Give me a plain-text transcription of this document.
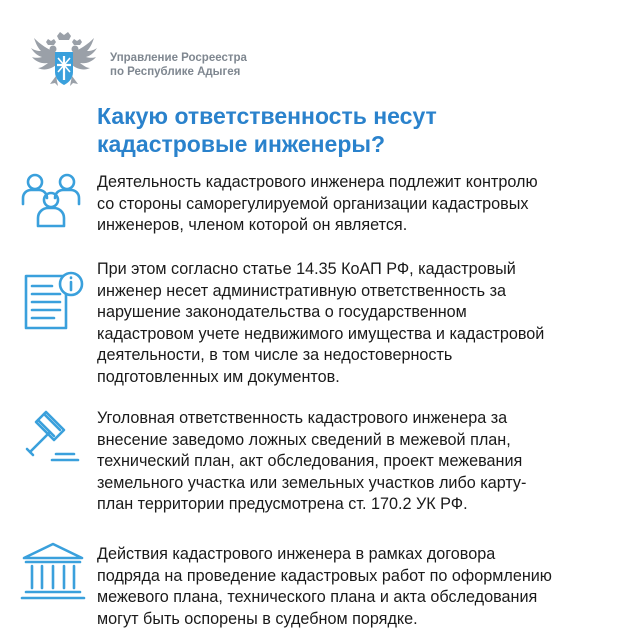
Управление Росреестра
по Республике Адыгея
Какую ответственность несут
кадастровые инженеры?

Деятельность кадастрового инженера подлежит контролю
со стороны саморегулируемой организации кадастровых
инженеров, членом которой он является.

При этом согласно статье 14.35 КоАП РФ, кадастровый
инженер несет административную ответственность за
нарушение законодательства о государственном
кадастровом учете недвижимого имущества и кадастровой
деятельности, в том числе за недостоверность
подготовленных им документов.

Уголовная ответственность кадастрового инженера за
внесение заведомо ложных сведений в межевой план,
технический план, акт обследования, проект межевания
земельного участка или земельных участков либо карту-
план территории предусмотрена ст. 170.2 УК РФ.

Действия кадастрового инженера в рамках договора
подряда на проведение кадастровых работ по оформлению
межевого плана, технического плана и акта обследования
могут быть оспорены в судебном порядке.
